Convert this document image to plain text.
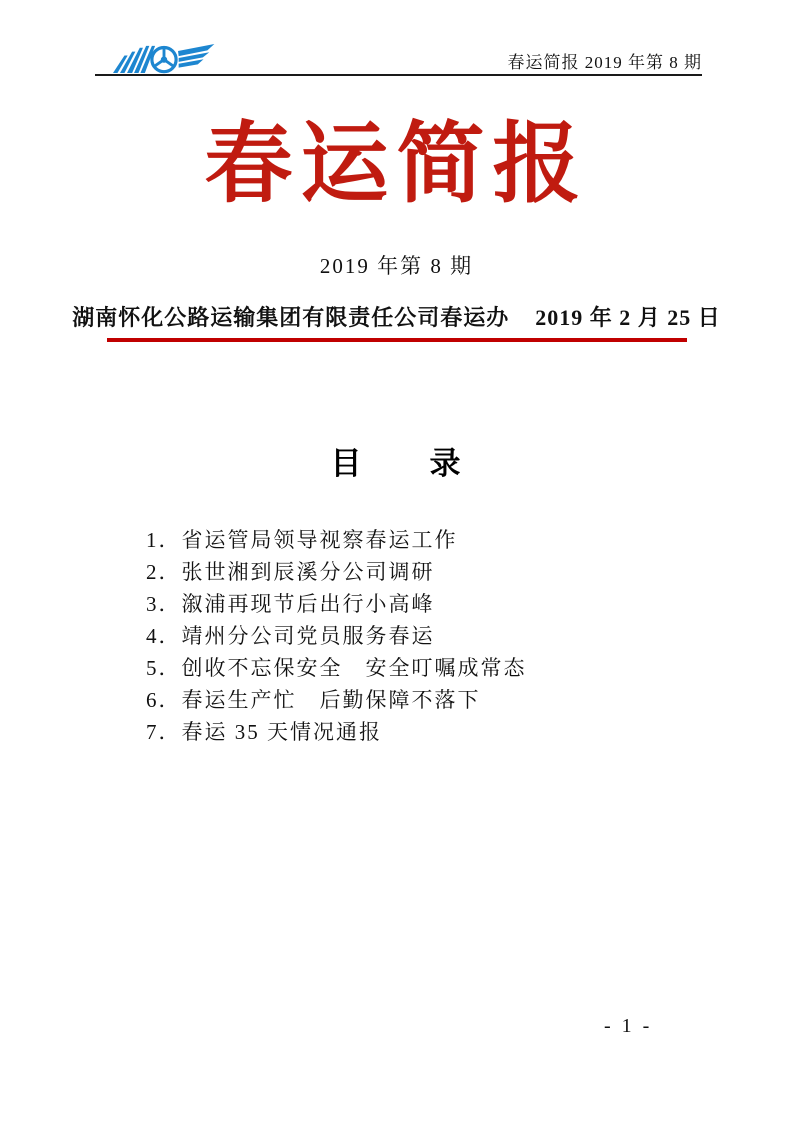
春运简报 2019 年第 8 期
春运简报
2019 年第 8 期
湖南怀化公路运输集团有限责任公司春运办 2019 年 2 月 25 日
目　　录
1．省运管局领导视察春运工作
2．张世湘到辰溪分公司调研
3．溆浦再现节后出行小高峰
4．靖州分公司党员服务春运
5．创收不忘保安全　安全叮嘱成常态
6．春运生产忙　后勤保障不落下
7．春运 35 天情况通报
- 1 -
